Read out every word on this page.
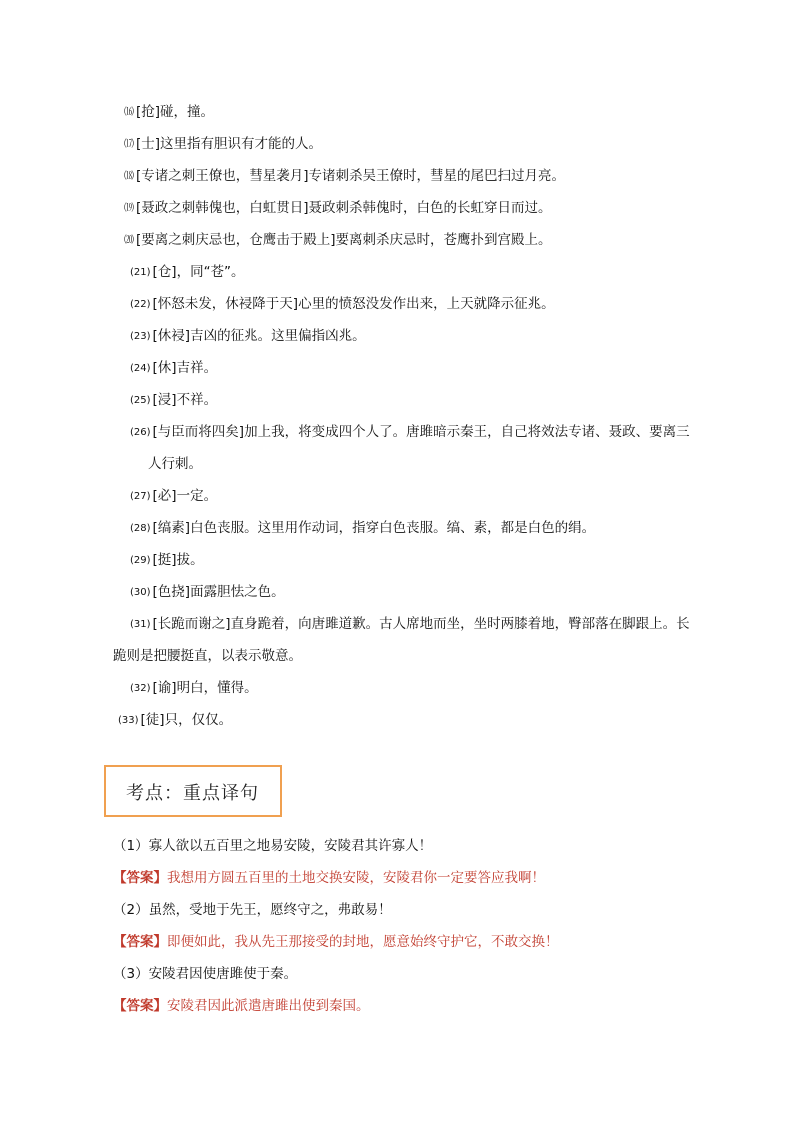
⒃ [抢]碰，撞。
⒄ [士]这里指有胆识有才能的人。
⒅ [专诸之刺王僚也，彗星袭月]专诸刺杀吴王僚时，彗星的尾巴扫过月亮。
⒆ [聂政之刺韩傀也，白虹贯日]聂政刺杀韩傀时，白色的长虹穿日而过。
⒇ [要离之刺庆忌也，仓鹰击于殿上]要离刺杀庆忌时，苍鹰扑到宫殿上。
(21) [仓]，同“苍”。
(22) [怀怒未发，休祲降于天]心里的愤怒没发作出来，上天就降示征兆。
(23) [休祲]吉凶的征兆。这里偏指凶兆。
(24) [休]吉祥。
(25) [浸]不祥。
(26) [与臣而将四矣]加上我，将变成四个人了。唐雎暗示秦王，自己将效法专诸、聂政、要离三
人行刺。
(27) [必]一定。
(28) [缟素]白色丧服。这里用作动词，指穿白色丧服。缟、素，都是白色的绢。
(29) [挺]拔。
(30) [色挠]面露胆怯之色。
(31) [长跪而谢之]直身跪着，向唐雎道歉。古人席地而坐，坐时两膝着地，臀部落在脚跟上。长
跪则是把腰挺直，以表示敬意。
(32) [谕]明白，懂得。
(33) [徒]只，仅仅。
考点：重点译句
（1）寡人欲以五百里之地易安陵，安陵君其许寡人！
【答案】我想用方圆五百里的土地交换安陵，安陵君你一定要答应我啊！
（2）虽然，受地于先王，愿终守之，弗敢易！
【答案】即便如此，我从先王那接受的封地，愿意始终守护它，不敢交换！
（3）安陵君因使唐雎使于秦。
【答案】安陵君因此派遣唐雎出使到秦国。
